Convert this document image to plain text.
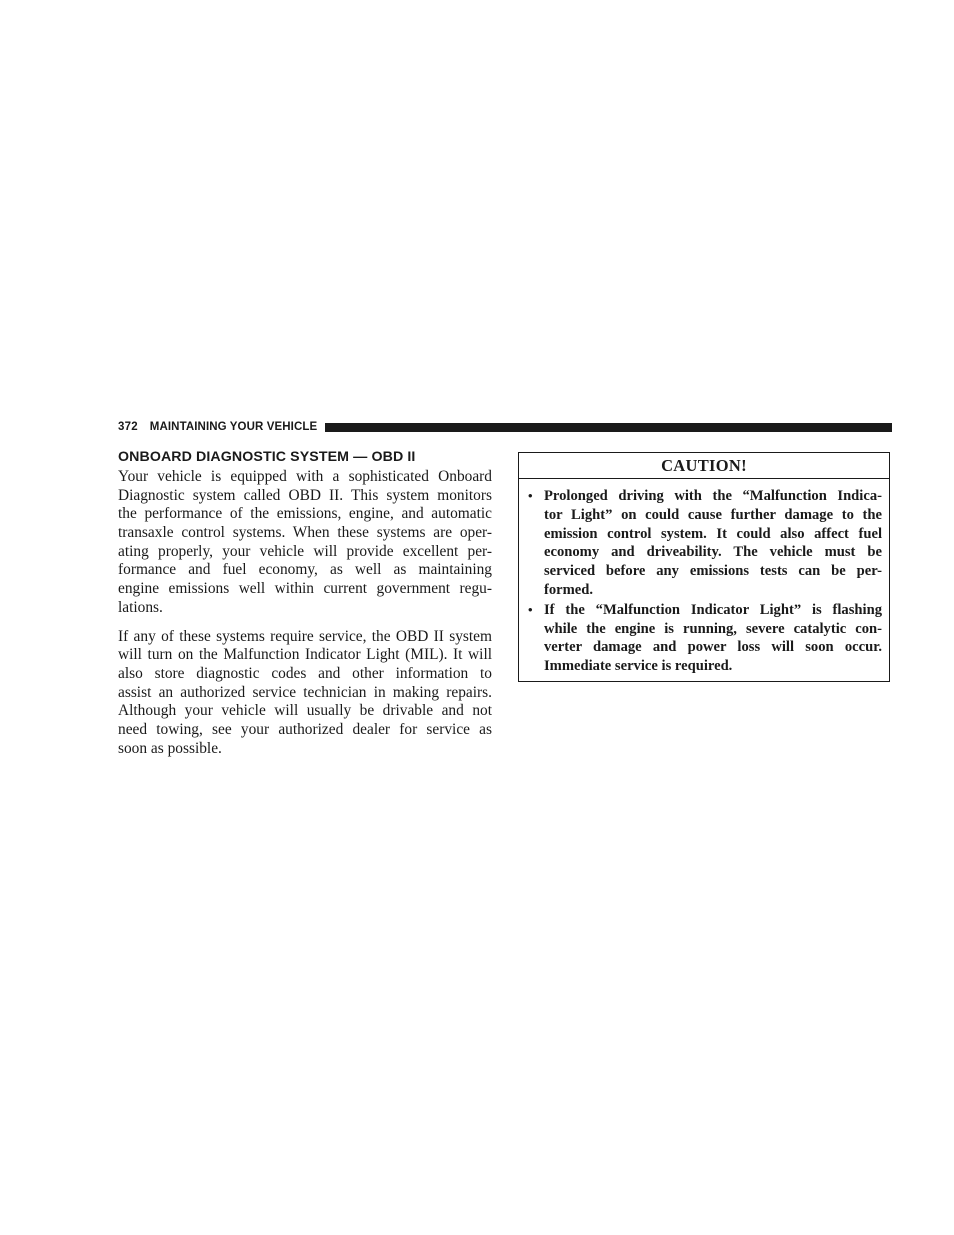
372 MAINTAINING YOUR VEHICLE
ONBOARD DIAGNOSTIC SYSTEM — OBD II

Your vehicle is equipped with a sophisticated Onboard
Diagnostic system called OBD II. This system monitors
the performance of the emissions, engine, and automatic
transaxle control systems. When these systems are oper-
ating properly, your vehicle will provide excellent per-
formance and fuel economy, as well as maintaining
engine emissions well within current government regu-
lations.

If any of these systems require service, the OBD II system
will turn on the Malfunction Indicator Light (MIL). It will
also store diagnostic codes and other information to
assist an authorized service technician in making repairs.
Although your vehicle will usually be drivable and not
need towing, see your authorized dealer for service as
soon as possible.

CAUTION!
• Prolonged driving with the “Malfunction Indica-
tor Light” on could cause further damage to the
emission control system. It could also affect fuel
economy and driveability. The vehicle must be
serviced before any emissions tests can be per-
formed.
• If the “Malfunction Indicator Light” is flashing
while the engine is running, severe catalytic con-
verter damage and power loss will soon occur.
Immediate service is required.
